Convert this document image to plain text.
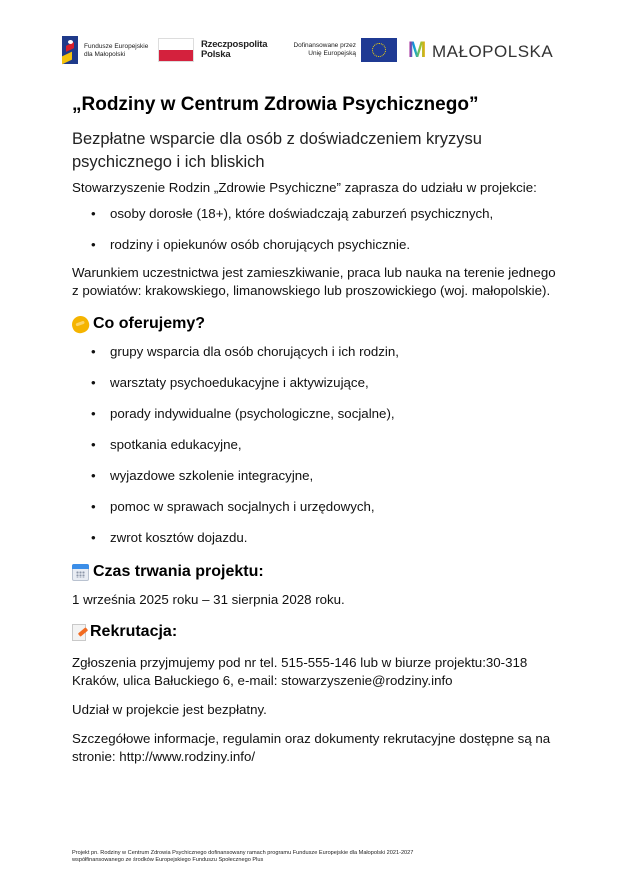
Fundusze Europejskie
dla Małopolski
Rzeczpospolita
Polska
Dofinansowane przez
Unię Europejską M MAŁOPOLSKA
„Rodziny w Centrum Zdrowia Psychicznego”
Bezpłatne wsparcie dla osób z doświadczeniem kryzysu psychicznego i ich bliskich

Stowarzyszenie Rodzin „Zdrowie Psychiczne” zaprasza do udziału w projekcie:

• osoby dorosłe (18+), które doświadczają zaburzeń psychicznych,
• rodziny i opiekunów osób chorujących psychicznie.

Warunkiem uczestnictwa jest zamieszkiwanie, praca lub nauka na terenie jednego z powiatów: krakowskiego, limanowskiego lub proszowickiego (woj. małopolskie).

Co oferujemy?
• grupy wsparcia dla osób chorujących i ich rodzin,
• warsztaty psychoedukacyjne i aktywizujące,
• porady indywidualne (psychologiczne, socjalne),
• spotkania edukacyjne,
• wyjazdowe szkolenie integracyjne,
• pomoc w sprawach socjalnych i urzędowych,
• zwrot kosztów dojazdu.
Czas trwania projektu:

1 września 2025 roku – 31 sierpnia 2028 roku.

Rekrutacja:

Zgłoszenia przyjmujemy pod nr tel. 515-555-146 lub w biurze projektu:30-318 Kraków, ulica Bałuckiego 6, e-mail: stowarzyszenie@rodziny.info

Udział w projekcie jest bezpłatny.

Szczegółowe informacje, regulamin oraz dokumenty rekrutacyjne dostępne są na stronie: http://www.rodziny.info/

Projekt pn. Rodziny w Centrum Zdrowia Psychicznego dofinansowany ramach programu Fundusze Europejskie dla Małopolski 2021-2027
współfinansowanego ze środków Europejskiego Funduszu Społecznego Plus
